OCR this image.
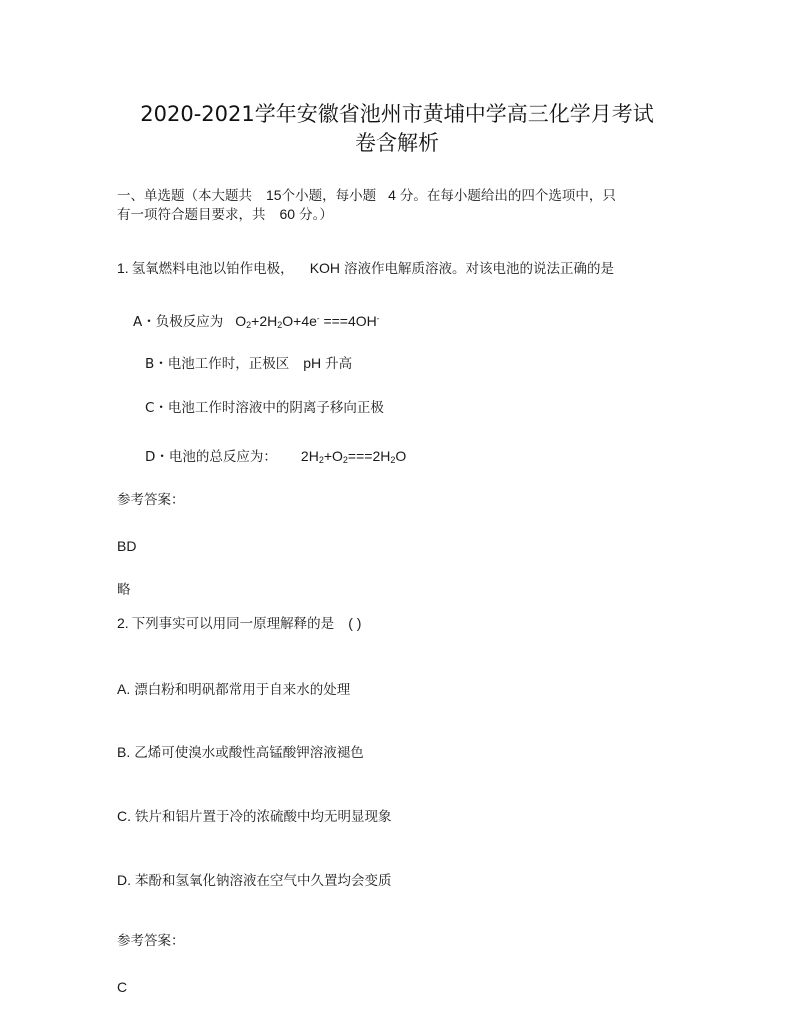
2020-2021学年安徽省池州市黄埔中学高三化学月考试
卷含解析
一、单选题（本大题共 15个小题，每小题 4 分。在每小题给出的四个选项中，只
有一项符合题目要求，共 60 分。）
1. 氢氧燃料电池以铂作电极， KOH 溶液作电解质溶液。对该电池的说法正确的是
A・负极反应为 $O_2+2H_2O+4e^- ===4OH^-$
B・电池工作时，正极区 pH 升高
C・电池工作时溶液中的阴离子移向正极
D・电池的总反应为： $2H_2+O_2===2H_2O$
参考答案：
BD
略
2. 下列事实可以用同一原理解释的是 ( )
A. 漂白粉和明矾都常用于自来水的处理
B. 乙烯可使溴水或酸性高锰酸钾溶液褪色
C. 铁片和铝片置于冷的浓硫酸中均无明显现象
D. 苯酚和氢氧化钠溶液在空气中久置均会变质
参考答案：
C
